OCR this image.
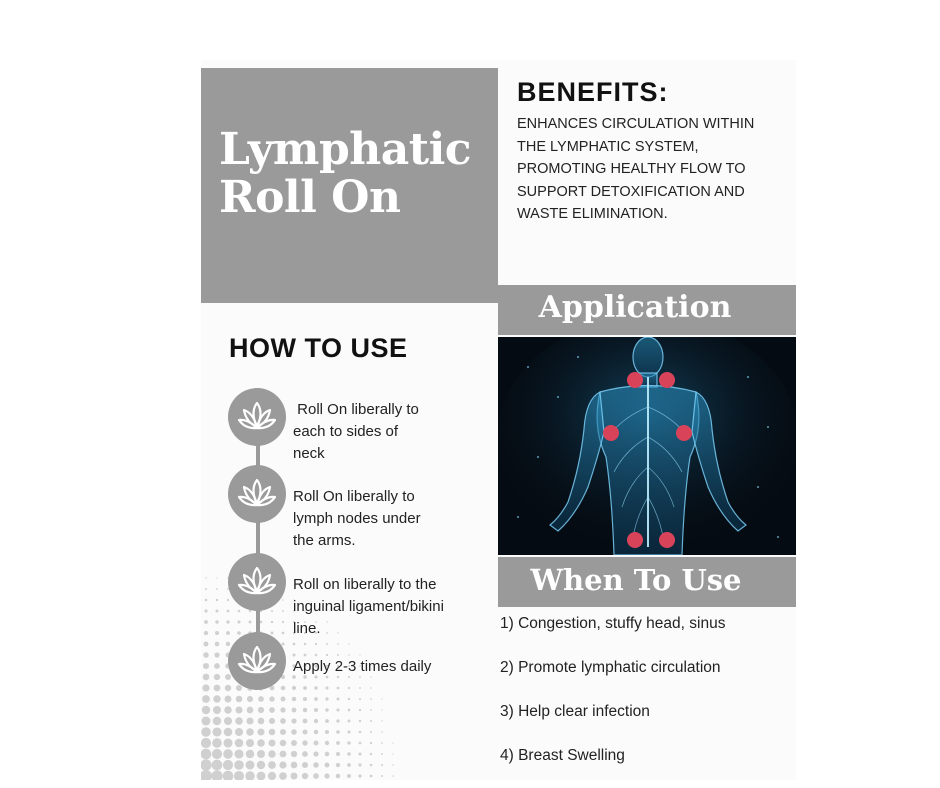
Lymphatic
Roll On
BENEFITS:
ENHANCES CIRCULATION WITHIN
THE LYMPHATIC SYSTEM,
PROMOTING HEALTHY FLOW TO
SUPPORT DETOXIFICATION AND
WASTE ELIMINATION.
HOW TO USE
Roll On liberally to
each to sides of
neck
Roll On liberally to
lymph nodes under
the arms.
Roll on liberally to the
inguinal ligament/bikini
line.
Apply 2-3 times daily
Application
When To Use
1) Congestion, stuffy head, sinus
2) Promote lymphatic circulation
3) Help clear infection
4) Breast Swelling
